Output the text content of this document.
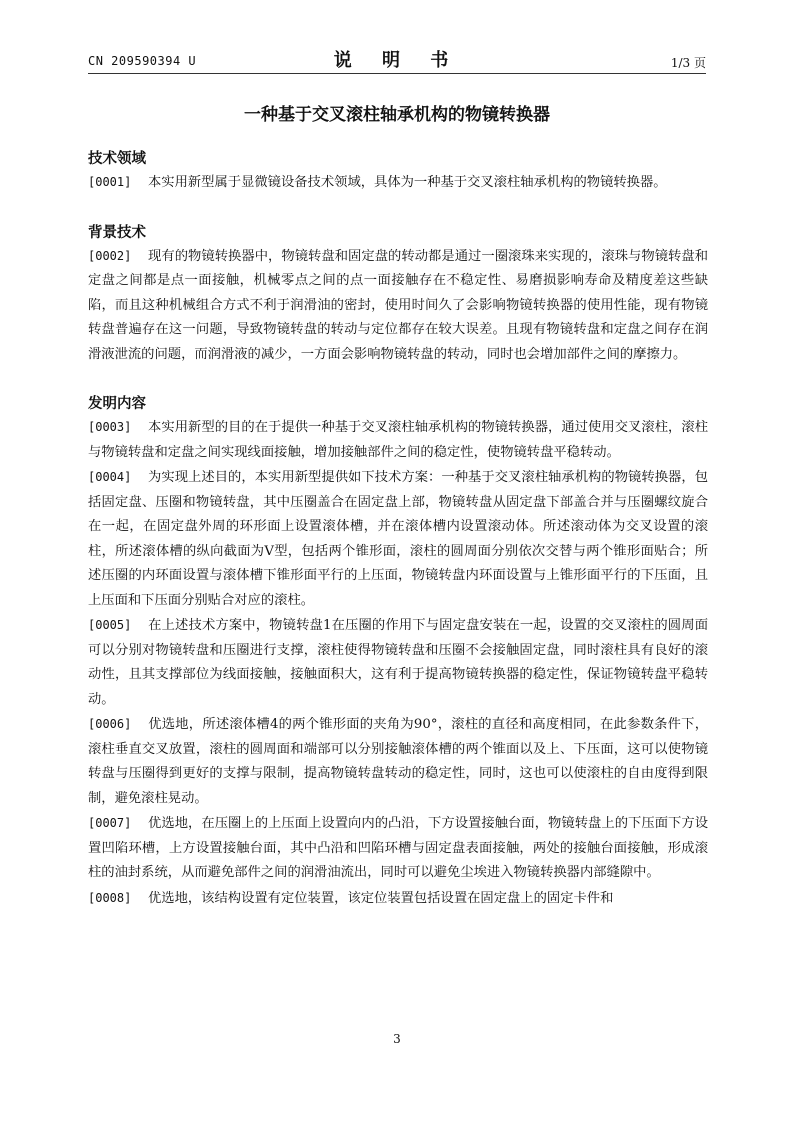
CN 209590394 U	说 明 书	1/3 页
一种基于交叉滚柱轴承机构的物镜转换器
技术领域

[0001] 本实用新型属于显微镜设备技术领域，具体为一种基于交叉滚柱轴承机构的物镜转换器。

背景技术

[0002] 现有的物镜转换器中，物镜转盘和固定盘的转动都是通过一圈滚珠来实现的，滚珠与物镜转盘和定盘之间都是点一面接触，机械零点之间的点一面接触存在不稳定性、易磨损影响寿命及精度差这些缺陷，而且这种机械组合方式不利于润滑油的密封，使用时间久了会影响物镜转换器的使用性能，现有物镜转盘普遍存在这一问题，导致物镜转盘的转动与定位都存在较大误差。且现有物镜转盘和定盘之间存在润滑液泄流的问题，而润滑液的减少，一方面会影响物镜转盘的转动，同时也会增加部件之间的摩擦力。

发明内容

[0003] 本实用新型的目的在于提供一种基于交叉滚柱轴承机构的物镜转换器，通过使用交叉滚柱，滚柱与物镜转盘和定盘之间实现线面接触，增加接触部件之间的稳定性，使物镜转盘平稳转动。

[0004] 为实现上述目的，本实用新型提供如下技术方案：一种基于交叉滚柱轴承机构的物镜转换器，包括固定盘、压圈和物镜转盘，其中压圈盖合在固定盘上部，物镜转盘从固定盘下部盖合并与压圈螺纹旋合在一起，在固定盘外周的环形面上设置滚体槽，并在滚体槽内设置滚动体。所述滚动体为交叉设置的滚柱，所述滚体槽的纵向截面为V型，包括两个锥形面，滚柱的圆周面分别依次交替与两个锥形面贴合；所述压圈的内环面设置与滚体槽下锥形面平行的上压面，物镜转盘内环面设置与上锥形面平行的下压面，且上压面和下压面分别贴合对应的滚柱。

[0005] 在上述技术方案中，物镜转盘1在压圈的作用下与固定盘安装在一起，设置的交叉滚柱的圆周面可以分别对物镜转盘和压圈进行支撑，滚柱使得物镜转盘和压圈不会接触固定盘，同时滚柱具有良好的滚动性，且其支撑部位为线面接触，接触面积大，这有利于提高物镜转换器的稳定性，保证物镜转盘平稳转动。

[0006] 优选地，所述滚体槽4的两个锥形面的夹角为90°，滚柱的直径和高度相同，在此参数条件下，滚柱垂直交叉放置，滚柱的圆周面和端部可以分别接触滚体槽的两个锥面以及上、下压面，这可以使物镜转盘与压圈得到更好的支撑与限制，提高物镜转盘转动的稳定性，同时，这也可以使滚柱的自由度得到限制，避免滚柱晃动。

[0007] 优选地，在压圈上的上压面上设置向内的凸沿，下方设置接触台面，物镜转盘上的下压面下方设置凹陷环槽，上方设置接触台面，其中凸沿和凹陷环槽与固定盘表面接触，两处的接触台面接触，形成滚柱的油封系统，从而避免部件之间的润滑油流出，同时可以避免尘埃进入物镜转换器内部缝隙中。

[0008] 优选地，该结构设置有定位装置，该定位装置包括设置在固定盘上的固定卡件和

3
